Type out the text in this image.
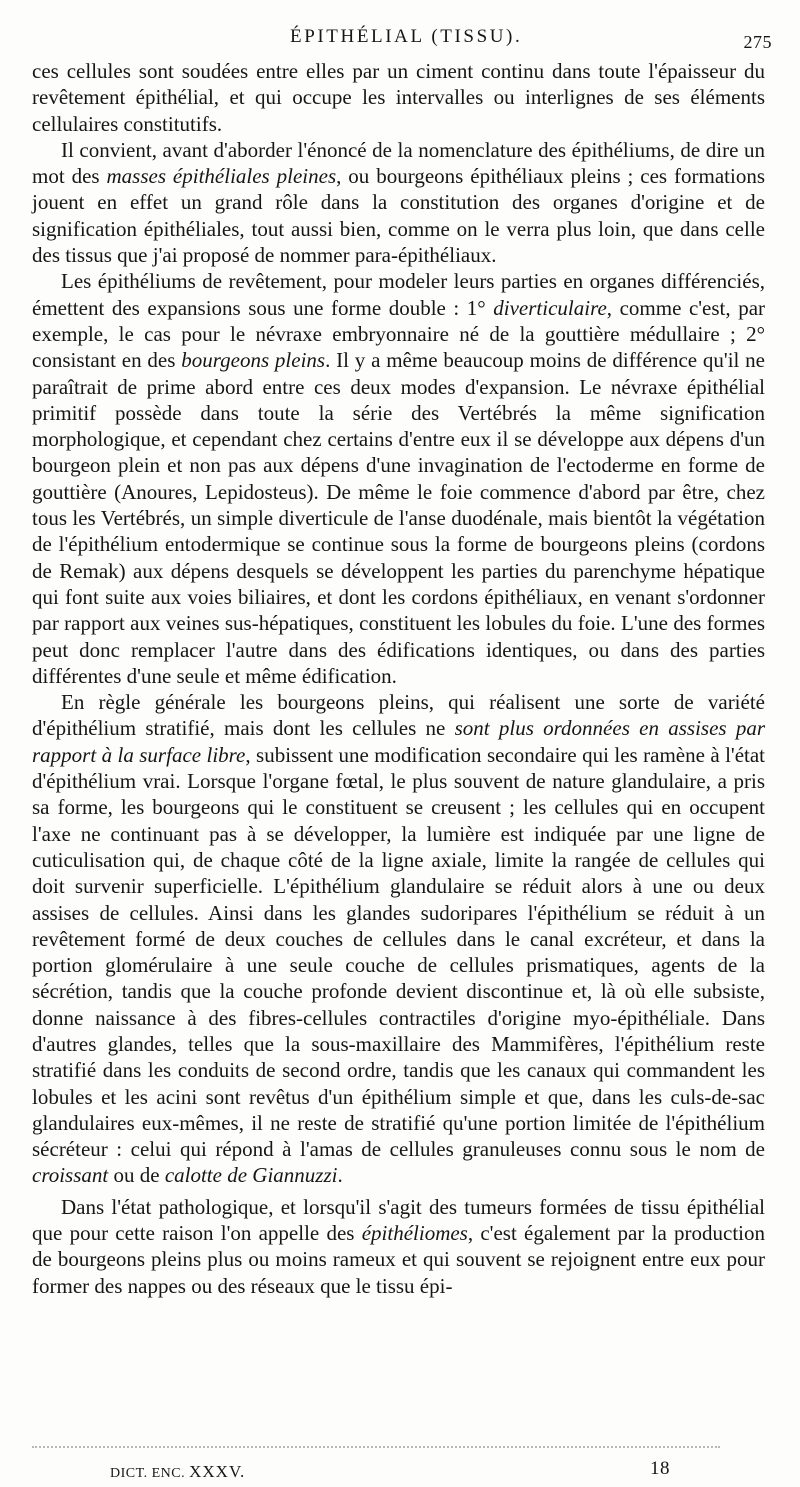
ÉPITHÉLIAL (TISSU).	275

ces cellules sont soudées entre elles par un ciment continu dans toute l'épaisseur du revêtement épithélial, et qui occupe les intervalles ou interlignes de ses éléments cellulaires constitutifs.

Il convient, avant d'aborder l'énoncé de la nomenclature des épithéliums, de dire un mot des masses épithéliales pleines, ou bourgeons épithéliaux pleins ; ces formations jouent en effet un grand rôle dans la constitution des organes d'origine et de signification épithéliales, tout aussi bien, comme on le verra plus loin, que dans celle des tissus que j'ai proposé de nommer para-épithéliaux.

Les épithéliums de revêtement, pour modeler leurs parties en organes différenciés, émettent des expansions sous une forme double : 1° diverticulaire, comme c'est, par exemple, le cas pour le névraxe embryonnaire né de la gouttière médullaire ; 2° consistant en des bourgeons pleins. Il y a même beaucoup moins de différence qu'il ne paraîtrait de prime abord entre ces deux modes d'expansion. Le névraxe épithélial primitif possède dans toute la série des Vertébrés la même signification morphologique, et cependant chez certains d'entre eux il se développe aux dépens d'un bourgeon plein et non pas aux dépens d'une invagination de l'ectoderme en forme de gouttière (Anoures, Lepidosteus). De même le foie commence d'abord par être, chez tous les Vertébrés, un simple diverticule de l'anse duodénale, mais bientôt la végétation de l'épithélium entodermique se continue sous la forme de bourgeons pleins (cordons de Remak) aux dépens desquels se développent les parties du parenchyme hépatique qui font suite aux voies biliaires, et dont les cordons épithéliaux, en venant s'ordonner par rapport aux veines sus-hépatiques, constituent les lobules du foie. L'une des formes peut donc remplacer l'autre dans des édifications identiques, ou dans des parties différentes d'une seule et même édification.

En règle générale les bourgeons pleins, qui réalisent une sorte de variété d'épithélium stratifié, mais dont les cellules ne sont plus ordonnées en assises par rapport à la surface libre, subissent une modification secondaire qui les ramène à l'état d'épithélium vrai. Lorsque l'organe fœtal, le plus souvent de nature glandulaire, a pris sa forme, les bourgeons qui le constituent se creusent ; les cellules qui en occupent l'axe ne continuant pas à se développer, la lumière est indiquée par une ligne de cuticulisation qui, de chaque côté de la ligne axiale, limite la rangée de cellules qui doit survenir superficielle. L'épithélium glandulaire se réduit alors à une ou deux assises de cellules. Ainsi dans les glandes sudoripares l'épithélium se réduit à un revêtement formé de deux couches de cellules dans le canal excréteur, et dans la portion glomérulaire à une seule couche de cellules prismatiques, agents de la sécrétion, tandis que la couche profonde devient discontinue et, là où elle subsiste, donne naissance à des fibres-cellules contractiles d'origine myo-épithéliale. Dans d'autres glandes, telles que la sous-maxillaire des Mammifères, l'épithélium reste stratifié dans les conduits de second ordre, tandis que les canaux qui commandent les lobules et les acini sont revêtus d'un épithélium simple et que, dans les culs-de-sac glandulaires eux-mêmes, il ne reste de stratifié qu'une portion limitée de l'épithélium sécréteur : celui qui répond à l'amas de cellules granuleuses connu sous le nom de croissant ou de calotte de Giannuzzi.

Dans l'état pathologique, et lorsqu'il s'agit des tumeurs formées de tissu épithélial que pour cette raison l'on appelle des épithéliomes, c'est également par la production de bourgeons pleins plus ou moins rameux et qui souvent se rejoignent entre eux pour former des nappes ou des réseaux que le tissu épi-

DICT. ENC. XXXV.	18
